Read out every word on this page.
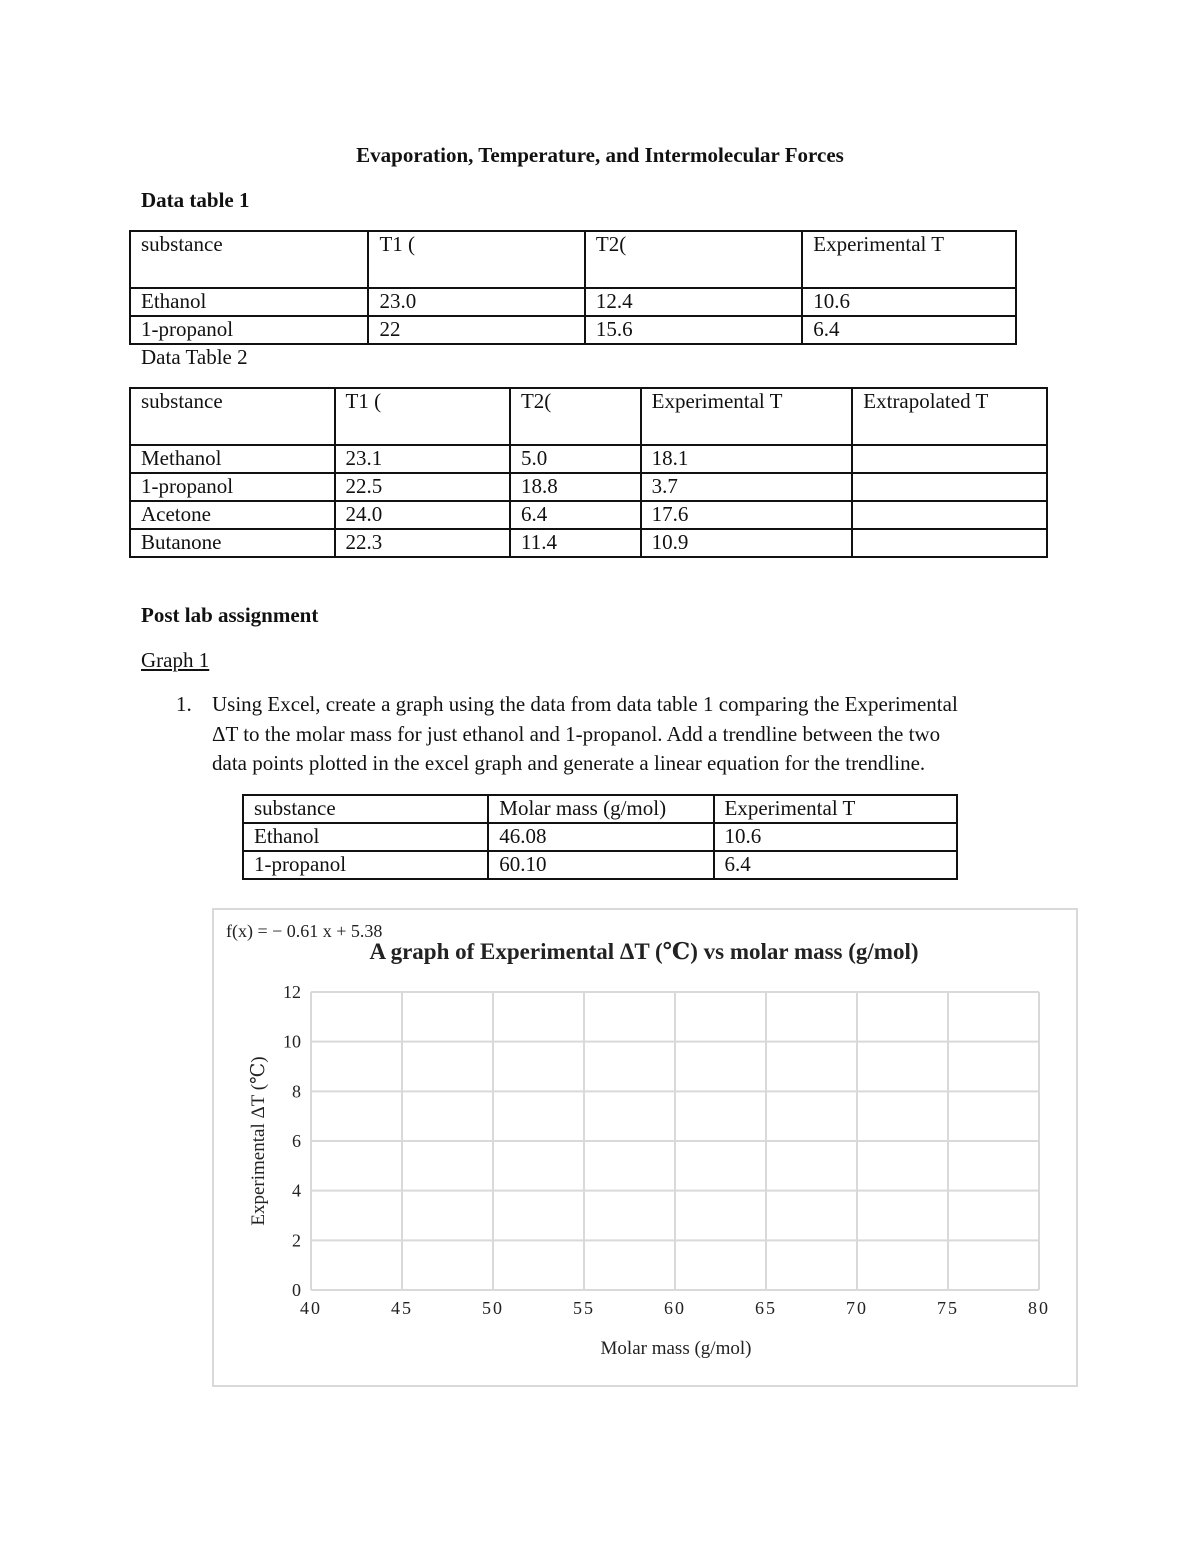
Evaporation, Temperature, and Intermolecular Forces
Data table 1
substance	T1 (	T2(	Experimental T
Ethanol	23.0	12.4	10.6
1-propanol	22	15.6	6.4
Data Table 2
substance	T1 (	T2(	Experimental T	Extrapolated T
Methanol	23.1	5.0	18.1	
1-propanol	22.5	18.8	3.7	
Acetone	24.0	6.4	17.6	
Butanone	22.3	11.4	10.9	
Post lab assignment
Graph 1
1. Using Excel, create a graph using the data from data table 1 comparing the Experimental
ΔT to the molar mass for just ethanol and 1-propanol. Add a trendline between the two
data points plotted in the excel graph and generate a linear equation for the trendline.
substance	Molar mass (g/mol)	Experimental T
Ethanol	46.08	10.6
1-propanol	60.10	6.4
f(x) = − 0.61 x + 5.38
A graph of Experimental ΔT (℃) vs molar mass (g/mol)
40	45	50	55	60	65	70	75	80
0
2
4
6
8
10
12
Molar mass (g/mol)
Experimental ΔT (℃)
